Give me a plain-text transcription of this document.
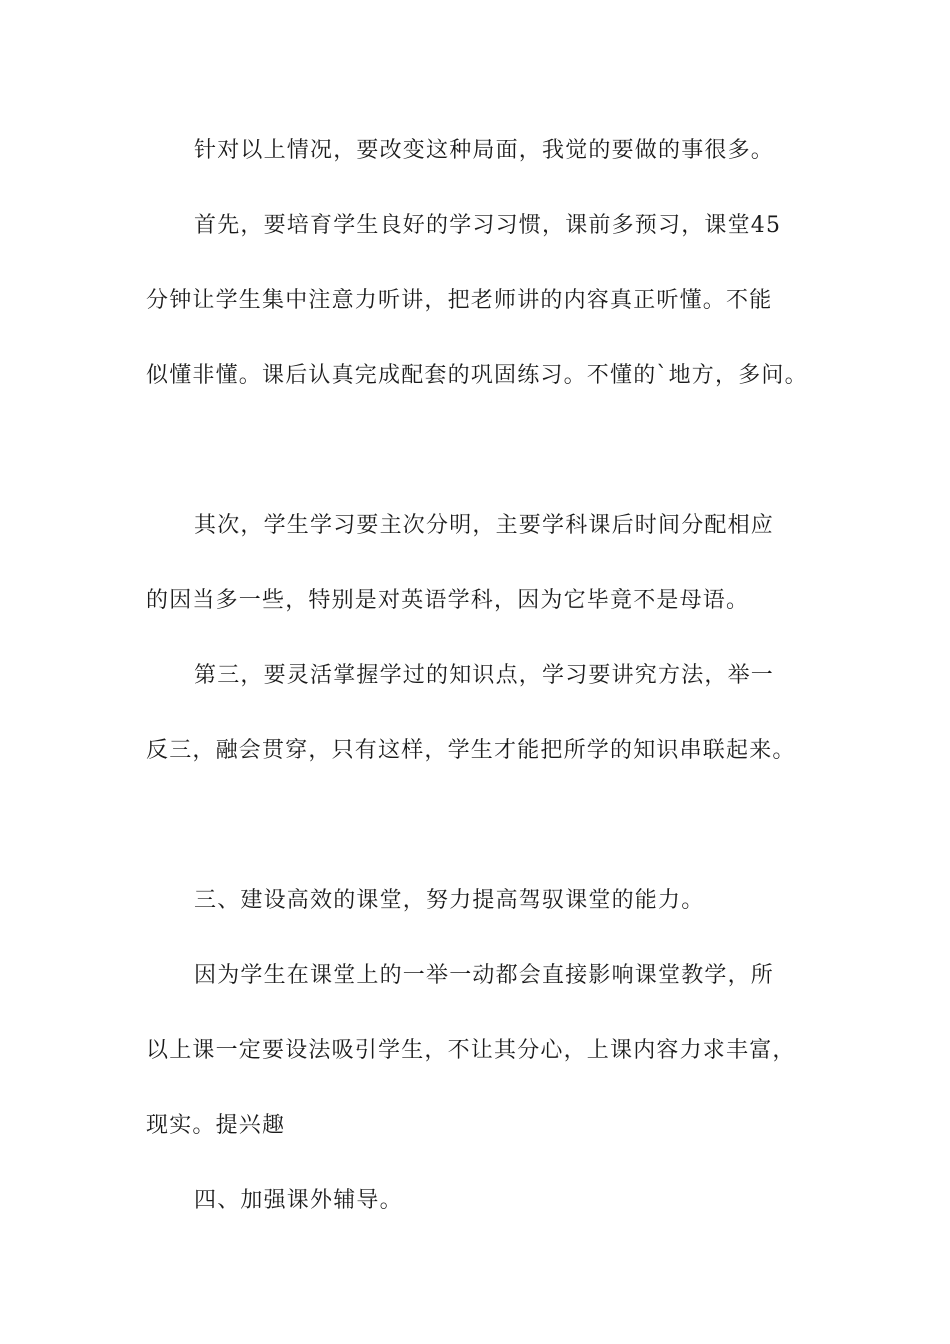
针对以上情况，要改变这种局面，我觉的要做的事很多。
首先，要培育学生良好的学习习惯，课前多预习，课堂45
分钟让学生集中注意力听讲，把老师讲的内容真正听懂。不能
似懂非懂。课后认真完成配套的巩固练习。不懂的`地方，多问。
其次，学生学习要主次分明，主要学科课后时间分配相应
的因当多一些，特别是对英语学科，因为它毕竟不是母语。
第三，要灵活掌握学过的知识点，学习要讲究方法，举一
反三，融会贯穿，只有这样，学生才能把所学的知识串联起来。
三、建设高效的课堂，努力提高驾驭课堂的能力。
因为学生在课堂上的一举一动都会直接影响课堂教学，所
以上课一定要设法吸引学生，不让其分心，上课内容力求丰富，
现实。提兴趣
四、加强课外辅导。
